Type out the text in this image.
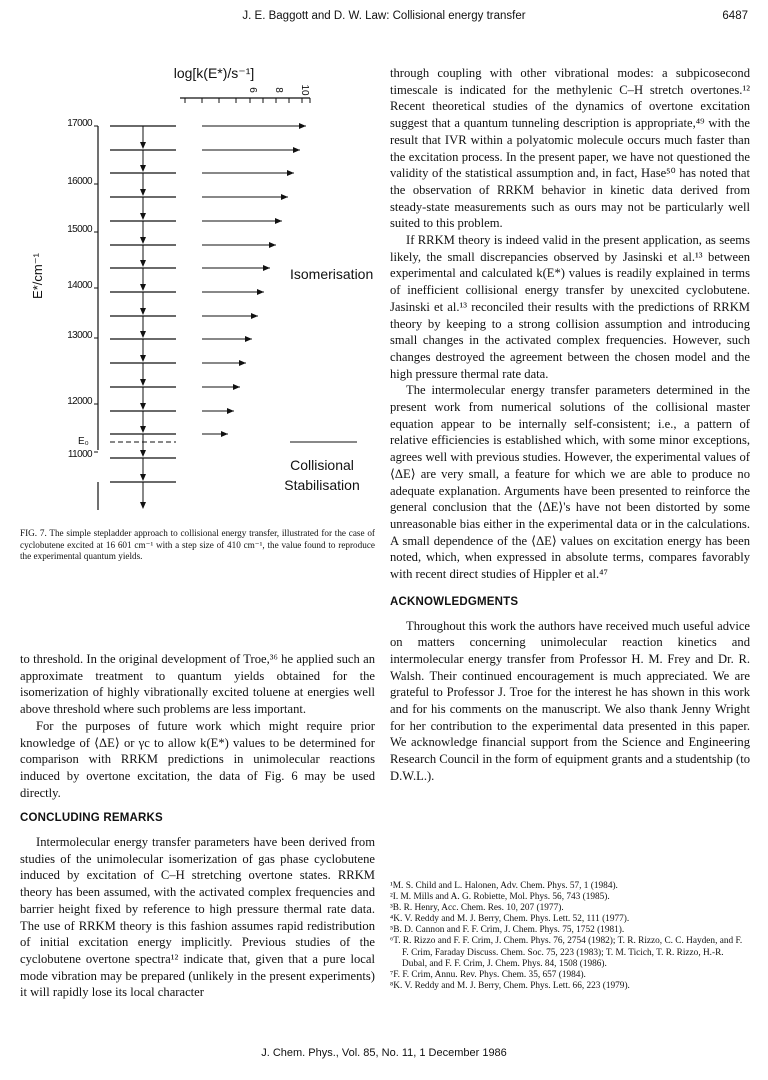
J. E. Baggott and D. W. Law: Collisional energy transfer	6487
log[k(E*)/s⁻¹]
6 8 10
17000
16000
15000
14000
13000
12000
11000
E*/cm⁻¹
E₀
Isomerisation
Collisional
Stabilisation
FIG. 7. The simple stepladder approach to collisional energy transfer, illustrated for the case of cyclobutene excited at 16 601 cm⁻¹ with a step size of 410 cm⁻¹, the value found to reproduce the experimental quantum yields.

to threshold. In the original development of Troe,³⁶ he applied such an approximate treatment to quantum yields obtained for the isomerization of highly vibrationally excited toluene at energies well above threshold where such problems are less important.

For the purposes of future work which might require prior knowledge of ⟨ΔE⟩ or γc to allow k(E*) values to be determined for comparison with RRKM predictions in unimolecular reactions induced by overtone excitation, the data of Fig. 6 may be used directly.

CONCLUDING REMARKS

Intermolecular energy transfer parameters have been derived from studies of the unimolecular isomerization of gas phase cyclobutene induced by excitation of C–H stretching overtone states. RRKM theory has been assumed, with the activated complex frequencies and barrier height fixed by reference to high pressure thermal rate data. The use of RRKM theory is this fashion assumes rapid redistribution of initial excitation energy implicitly. Previous studies of the cyclobutene overtone spectra¹² indicate that, given that a pure local mode vibration may be prepared (unlikely in the present experiments) it will rapidly lose its local character

through coupling with other vibrational modes: a subpicosecond timescale is indicated for the methylenic C–H stretch overtones.¹² Recent theoretical studies of the dynamics of overtone excitation suggest that a quantum tunneling description is appropriate,⁴⁹ with the result that IVR within a polyatomic molecule occurs much faster than the excitation process. In the present paper, we have not questioned the validity of the statistical assumption and, in fact, Hase⁵⁰ has noted that the observation of RRKM behavior in kinetic data derived from steady-state measurements such as ours may not be particularly well suited to this problem.

If RRKM theory is indeed valid in the present application, as seems likely, the small discrepancies observed by Jasinski et al.¹³ between experimental and calculated k(E*) values is readily explained in terms of inefficient collisional energy transfer by unexcited cyclobutene. Jasinski et al.¹³ reconciled their results with the predictions of RRKM theory by keeping to a strong collision assumption and introducing small changes in the activated complex frequencies. However, such changes destroyed the agreement between the chosen model and the high pressure thermal rate data.

The intermolecular energy transfer parameters determined in the present work from numerical solutions of the collisional master equation appear to be internally self-consistent; i.e., a pattern of relative efficiencies is established which, with some minor exceptions, agrees well with previous studies. However, the experimental values of ⟨ΔE⟩ are very small, a feature for which we are able to produce no adequate explanation. Arguments have been presented to reinforce the general conclusion that the ⟨ΔE⟩'s have not been distorted by some unreasonable bias either in the experimental data or in the calculations. A small dependence of the ⟨ΔE⟩ values on excitation energy has been noted, which, when expressed in absolute terms, compares favorably with recent direct studies of Hippler et al.⁴⁷

ACKNOWLEDGMENTS

Throughout this work the authors have received much useful advice on matters concerning unimolecular reaction kinetics and intermolecular energy transfer from Professor H. M. Frey and Dr. R. Walsh. Their continued encouragement is much appreciated. We are grateful to Professor J. Troe for the interest he has shown in this work and for his comments on the manuscript. We also thank Jenny Wright for her contribution to the experimental data presented in this paper. We acknowledge financial support from the Science and Engineering Research Council in the form of equipment grants and a studentship (to D.W.L.).

¹M. S. Child and L. Halonen, Adv. Chem. Phys. 57, 1 (1984).
²I. M. Mills and A. G. Robiette, Mol. Phys. 56, 743 (1985).
³B. R. Henry, Acc. Chem. Res. 10, 207 (1977).
⁴K. V. Reddy and M. J. Berry, Chem. Phys. Lett. 52, 111 (1977).
⁵B. D. Cannon and F. F. Crim, J. Chem. Phys. 75, 1752 (1981).
⁶T. R. Rizzo and F. F. Crim, J. Chem. Phys. 76, 2754 (1982); T. R. Rizzo, C. C. Hayden, and F. F. Crim, Faraday Discuss. Chem. Soc. 75, 223 (1983); T. M. Ticich, T. R. Rizzo, H.-R. Dubal, and F. F. Crim, J. Chem. Phys. 84, 1508 (1986).
⁷F. F. Crim, Annu. Rev. Phys. Chem. 35, 657 (1984).
⁸K. V. Reddy and M. J. Berry, Chem. Phys. Lett. 66, 223 (1979).
J. Chem. Phys., Vol. 85, No. 11, 1 December 1986
